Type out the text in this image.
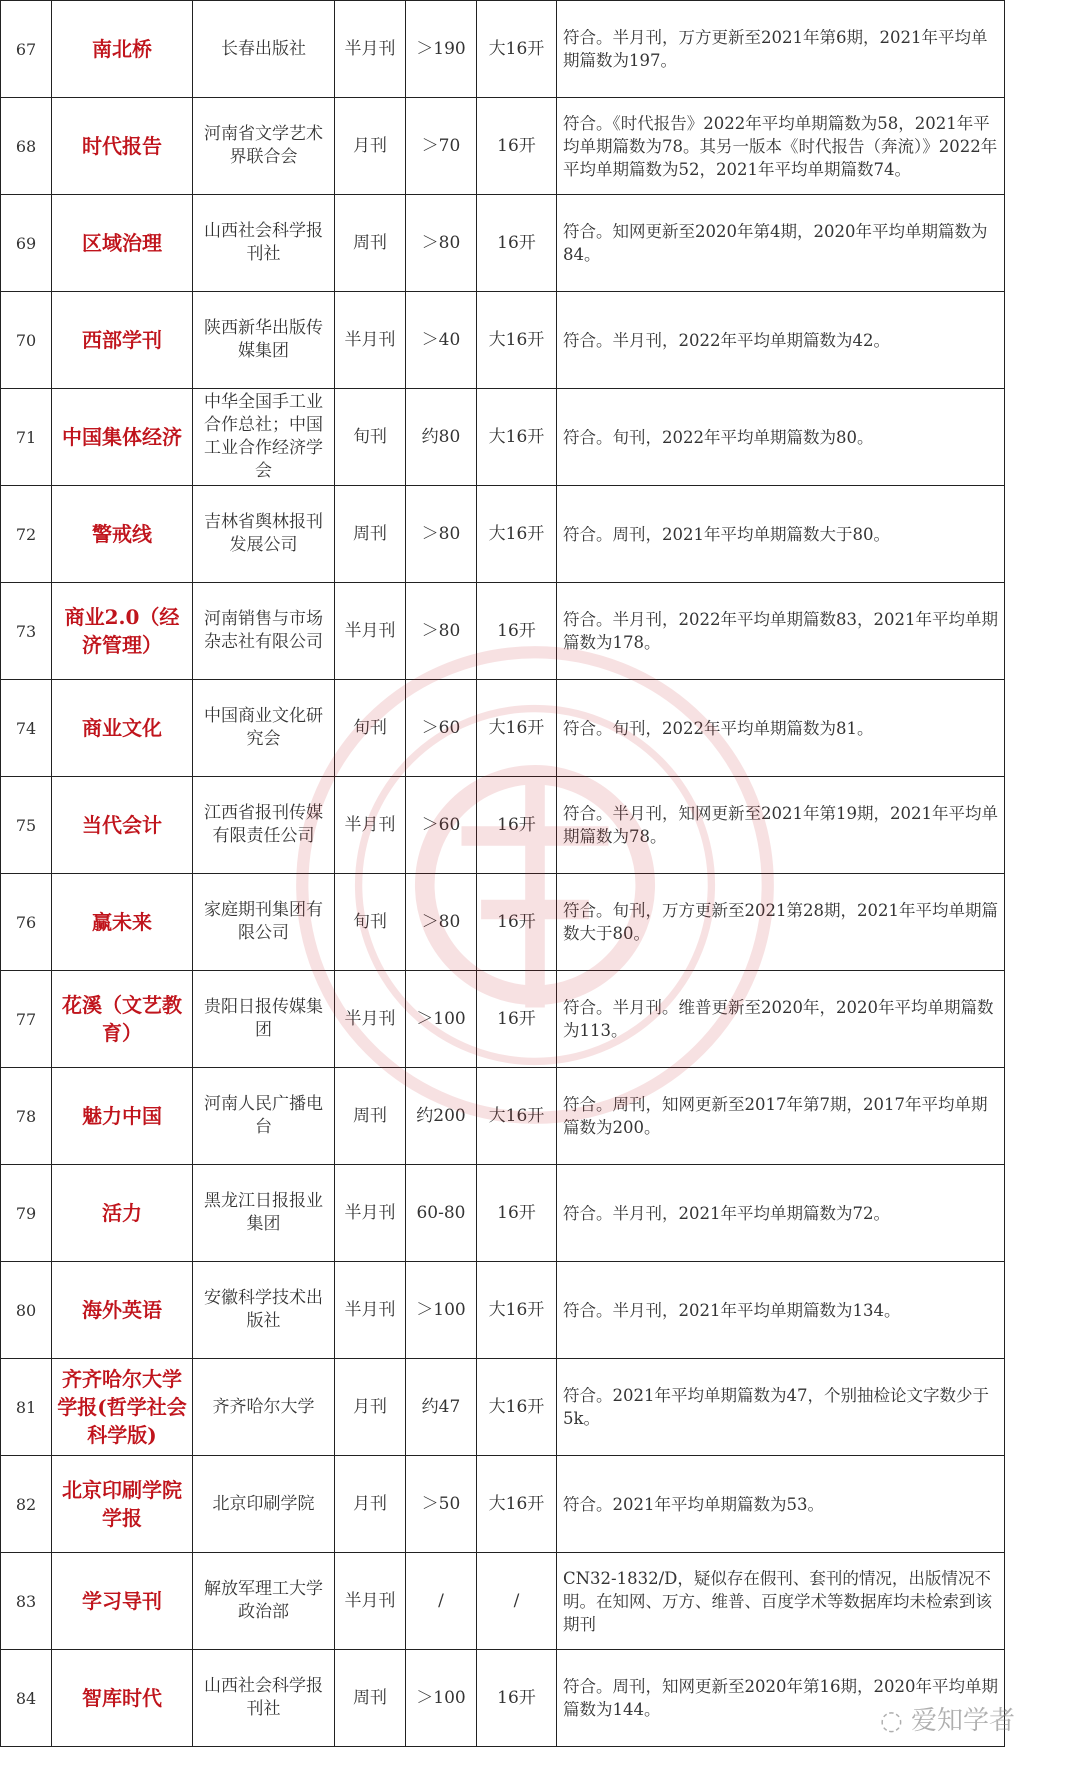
67	南北桥	长春出版社	半月刊	＞190	大16开	符合。半月刊，万方更新至2021年第6期，2021年平均单期篇数为197。
68	时代报告	河南省文学艺术界联合会	月刊	＞70	16开	符合。《时代报告》2022年平均单期篇数为58，2021年平均单期篇数为78。其另一版本《时代报告（奔流）》2022年平均单期篇数为52，2021年平均单期篇数74。
69	区域治理	山西社会科学报刊社	周刊	＞80	16开	符合。知网更新至2020年第4期，2020年平均单期篇数为84。
70	西部学刊	陕西新华出版传媒集团	半月刊	＞40	大16开	符合。半月刊，2022年平均单期篇数为42。
71	中国集体经济	中华全国手工业合作总社；中国工业合作经济学会	旬刊	约80	大16开	符合。旬刊，2022年平均单期篇数为80。
72	警戒线	吉林省舆林报刊发展公司	周刊	＞80	大16开	符合。周刊，2021年平均单期篇数大于80。
73	商业2.0（经济管理）	河南销售与市场杂志社有限公司	半月刊	＞80	16开	符合。半月刊，2022年平均单期篇数83，2021年平均单期篇数为178。
74	商业文化	中国商业文化研究会	旬刊	＞60	大16开	符合。旬刊，2022年平均单期篇数为81。
75	当代会计	江西省报刊传媒有限责任公司	半月刊	＞60	16开	符合。半月刊，知网更新至2021年第19期，2021年平均单期篇数为78。
76	赢未来	家庭期刊集团有限公司	旬刊	＞80	16开	符合。旬刊，万方更新至2021第28期，2021年平均单期篇数大于80。
77	花溪（文艺教育）	贵阳日报传媒集团	半月刊	＞100	16开	符合。半月刊。维普更新至2020年，2020年平均单期篇数为113。
78	魅力中国	河南人民广播电台	周刊	约200	大16开	符合。周刊，知网更新至2017年第7期，2017年平均单期篇数为200。
79	活力	黑龙江日报报业集团	半月刊	60-80	16开	符合。半月刊，2021年平均单期篇数为72。
80	海外英语	安徽科学技术出版社	半月刊	＞100	大16开	符合。半月刊，2021年平均单期篇数为134。
81	齐齐哈尔大学学报(哲学社会科学版)	齐齐哈尔大学	月刊	约47	大16开	符合。2021年平均单期篇数为47，个别抽检论文字数少于5k。
82	北京印刷学院学报	北京印刷学院	月刊	＞50	大16开	符合。2021年平均单期篇数为53。
83	学习导刊	解放军理工大学政治部	半月刊	/	/	CN32-1832/D，疑似存在假刊、套刊的情况，出版情况不明。在知网、万方、维普、百度学术等数据库均未检索到该期刊
84	智库时代	山西社会科学报刊社	周刊	＞100	16开	符合。周刊，知网更新至2020年第16期，2020年平均单期篇数为144。	◌ 爱知学者
